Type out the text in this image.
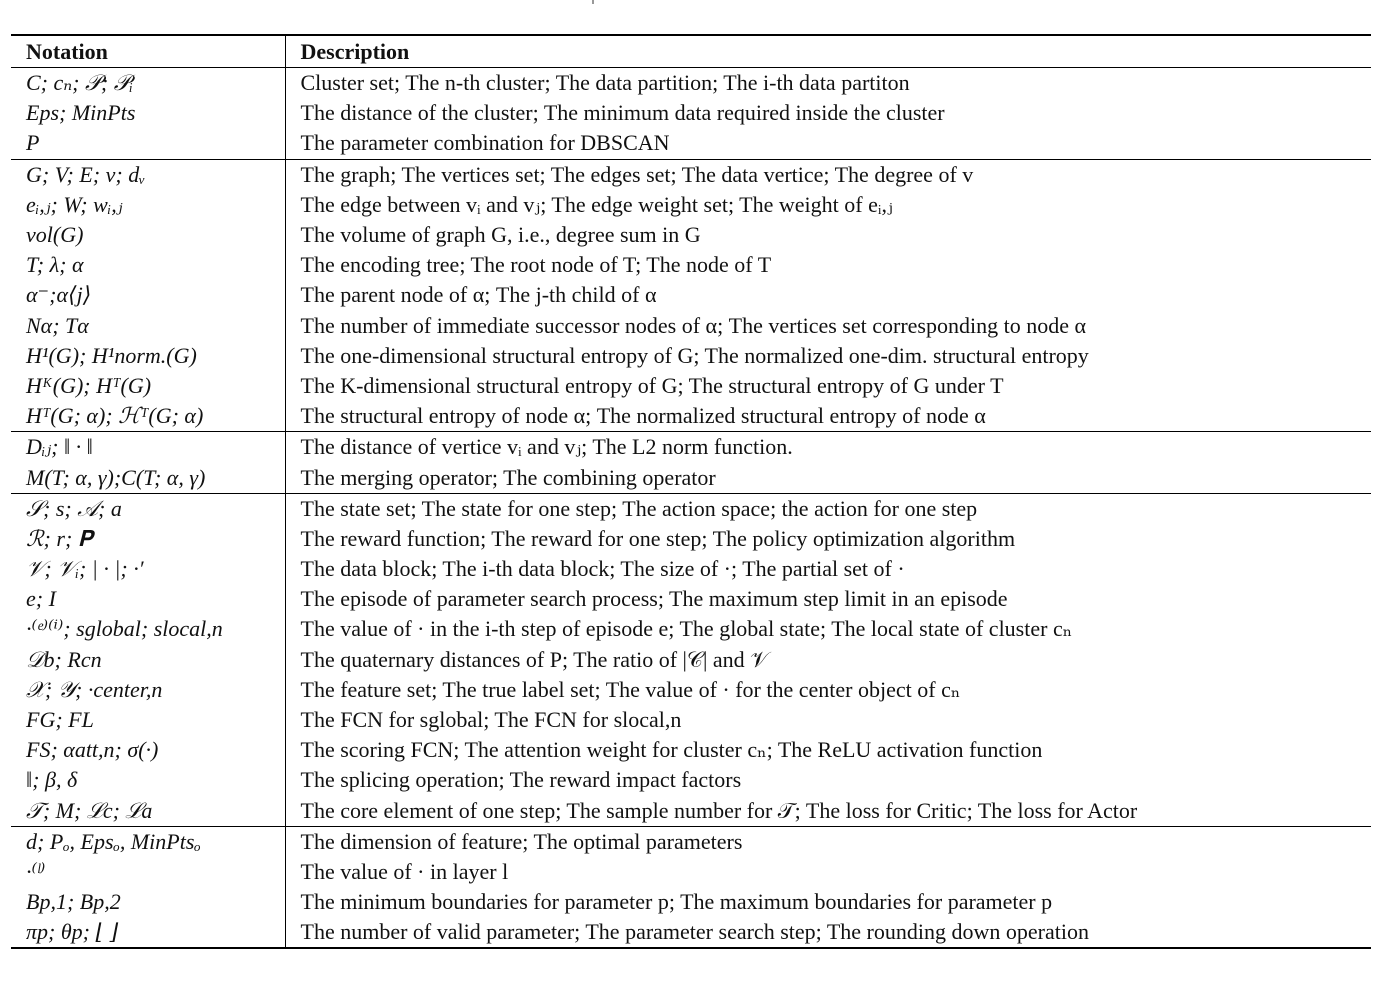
Notation	Description
C; cₙ; 𝒫; 𝒫ᵢ	Cluster set; The n-th cluster; The data partition; The i-th data partiton
Eps; MinPts	The distance of the cluster; The minimum data required inside the cluster
P	The parameter combination for DBSCAN
G; V; E; v; dᵥ	The graph; The vertices set; The edges set; The data vertice; The degree of v
eᵢ,ⱼ; W; wᵢ,ⱼ	The edge between vᵢ and vⱼ; The edge weight set; The weight of eᵢ,ⱼ
vol(G)	The volume of graph G, i.e., degree sum in G
T; λ; α	The encoding tree; The root node of T; The node of T
α⁻;α⟨j⟩	The parent node of α; The j-th child of α
Nα; Tα	The number of immediate successor nodes of α; The vertices set corresponding to node α
H¹(G); H¹norm.(G)	The one-dimensional structural entropy of G; The normalized one-dim. structural entropy
Hᴷ(G); Hᵀ(G)	The K-dimensional structural entropy of G; The structural entropy of G under T
Hᵀ(G; α); ℋᵀ(G; α)	The structural entropy of node α; The normalized structural entropy of node α
Dᵢⱼ; ‖ · ‖	The distance of vertice vᵢ and vⱼ; The L2 norm function.
M(T; α, γ);C(T; α, γ)	The merging operator; The combining operator
𝒮; s; 𝒜; a	The state set; The state for one step; The action space; the action for one step
ℛ; r; 𝐏	The reward function; The reward for one step; The policy optimization algorithm
𝒱; 𝒱ᵢ; | · |; ·′	The data block; The i-th data block; The size of ·; The partial set of ·
e; I	The episode of parameter search process; The maximum step limit in an episode
·⁽ᵉ⁾⁽ⁱ⁾; sglobal; slocal,n	The value of · in the i-th step of episode e; The global state; The local state of cluster cₙ
𝒟b; Rcn	The quaternary distances of P; The ratio of |𝒞| and 𝒱
𝒳; 𝒴; ·center,n	The feature set; The true label set; The value of · for the center object of cₙ
FG; FL	The FCN for sglobal; The FCN for slocal,n
FS; αatt,n; σ(·)	The scoring FCN; The attention weight for cluster cₙ; The ReLU activation function
‖; β, δ	The splicing operation; The reward impact factors
𝒯; M; ℒc; ℒa	The core element of one step; The sample number for 𝒯; The loss for Critic; The loss for Actor
d; Pₒ, Epsₒ, MinPtsₒ	The dimension of feature; The optimal parameters
·⁽ˡ⁾	The value of · in layer l
Bp,1; Bp,2	The minimum boundaries for parameter p; The maximum boundaries for parameter p
πp; θp; ⌊ ⌋	The number of valid parameter; The parameter search step; The rounding down operation
